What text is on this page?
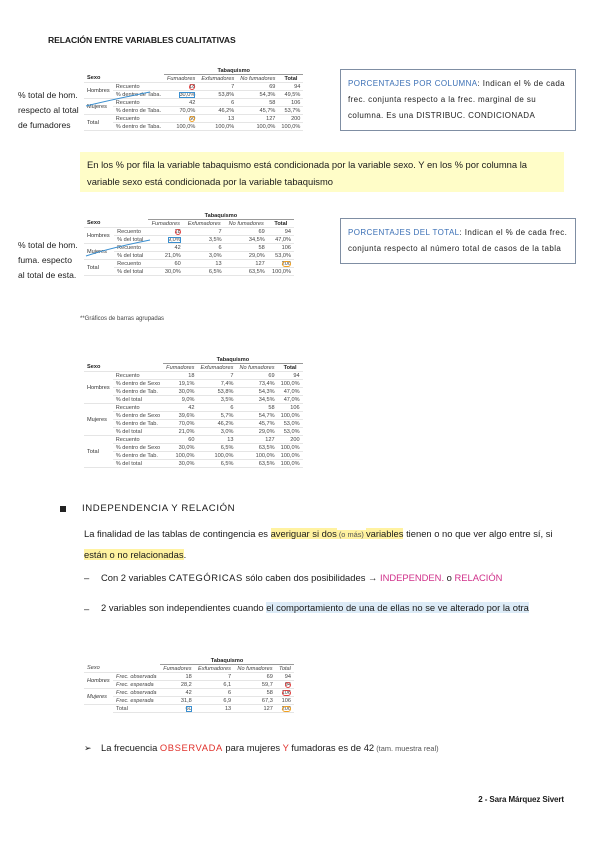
RELACIÓN ENTRE VARIABLES CUALITATIVAS
% total de hom.
respecto al total
de fumadores
		Tabaquismo			
Sexo		Fumadores	Exfumadores	No fumadores	Total
Hombres	Recuento	18	7	69	94
	% dentro de Taba.	30,0%	53,8%	54,3%	49,5%
Mujeres	Recuento	42	6	58	106
	% dentro de Taba.	70,0%	46,2%	45,7%	53,7%
Total	Recuento	60	13	127	200
	% dentro de Taba.	100,0%	100,0%	100,0%	100,0%
PORCENTAJES POR COLUMNA: Indican el % de cada frec. conjunta respecto a la frec. marginal de su columna. Es una DISTRIBUC. CONDICIONADA
En los % por fila la variable tabaquismo está condicionada por la variable sexo. Y en los % por columna la variable sexo está condicionada por la variable tabaquismo
% total de hom.
fuma. especto
al total de esta.
		Tabaquismo			
Sexo		Fumadores	Exfumadores	No fumadores	Total
Hombres	Recuento	18	7	69	94
	% del total	9,0%	3,5%	34,5%	47,0%
Mujeres	Recuento	42	6	58	106
	% del total	21,0%	3,0%	29,0%	53,0%
Total	Recuento	60	13	127	200
	% del total	30,0%	6,5%	63,5%	100,0%
PORCENTAJES DEL TOTAL: Indican el % de cada frec. conjunta respecto al número total de casos de la tabla
**Gráficos de barras agrupadas
		Tabaquismo			
Sexo		Fumadores	Exfumadores	No fumadores	Total
Hombres	Recuento	18	7	69	94
	% dentro de Sexo	19,1%	7,4%	73,4%	100,0%
	% dentro de Tab.	30,0%	53,8%	54,3%	47,0%
	% del total	9,0%	3,5%	34,5%	47,0%
Mujeres	Recuento	42	6	58	106
	% dentro de Sexo	39,6%	5,7%	54,7%	100,0%
	% dentro de Tab.	70,0%	46,2%	45,7%	53,0%
	% del total	21,0%	3,0%	29,0%	53,0%
Total	Recuento	60	13	127	200
	% dentro de Sexo	30,0%	6,5%	63,5%	100,0%
	% dentro de Tab.	100,0%	100,0%	100,0%	100,0%
	% del total	30,0%	6,5%	63,5%	100,0%
INDEPENDENCIA Y RELACIÓN
La finalidad de las tablas de contingencia es averiguar si dos (o más) variables tienen o no que ver algo entre sí, si están o no relacionadas.
– Con 2 variables CATEGÓRICAS sólo caben dos posibilidades → INDEPENDEN. o RELACIÓN
– 2 variables son independientes cuando el comportamiento de una de ellas no se ve alterado por la otra
		Tabaquismo			
Sexo		Fumadores	Exfumadores	No fumadores	Total
Hombres	Frec. observada	18	7	69	94
	Frec. esperada	28,2	6,1	59,7	94
Mujeres	Frec. observada	42	6	58	106
	Frec. esperada	31,8	6,9	67,3	106
	Total	60	13	127	200
➢ La frecuencia OBSERVADA para mujeres Y fumadoras es de 42 (tam. muestra real)
2 - Sara Márquez Sivert
